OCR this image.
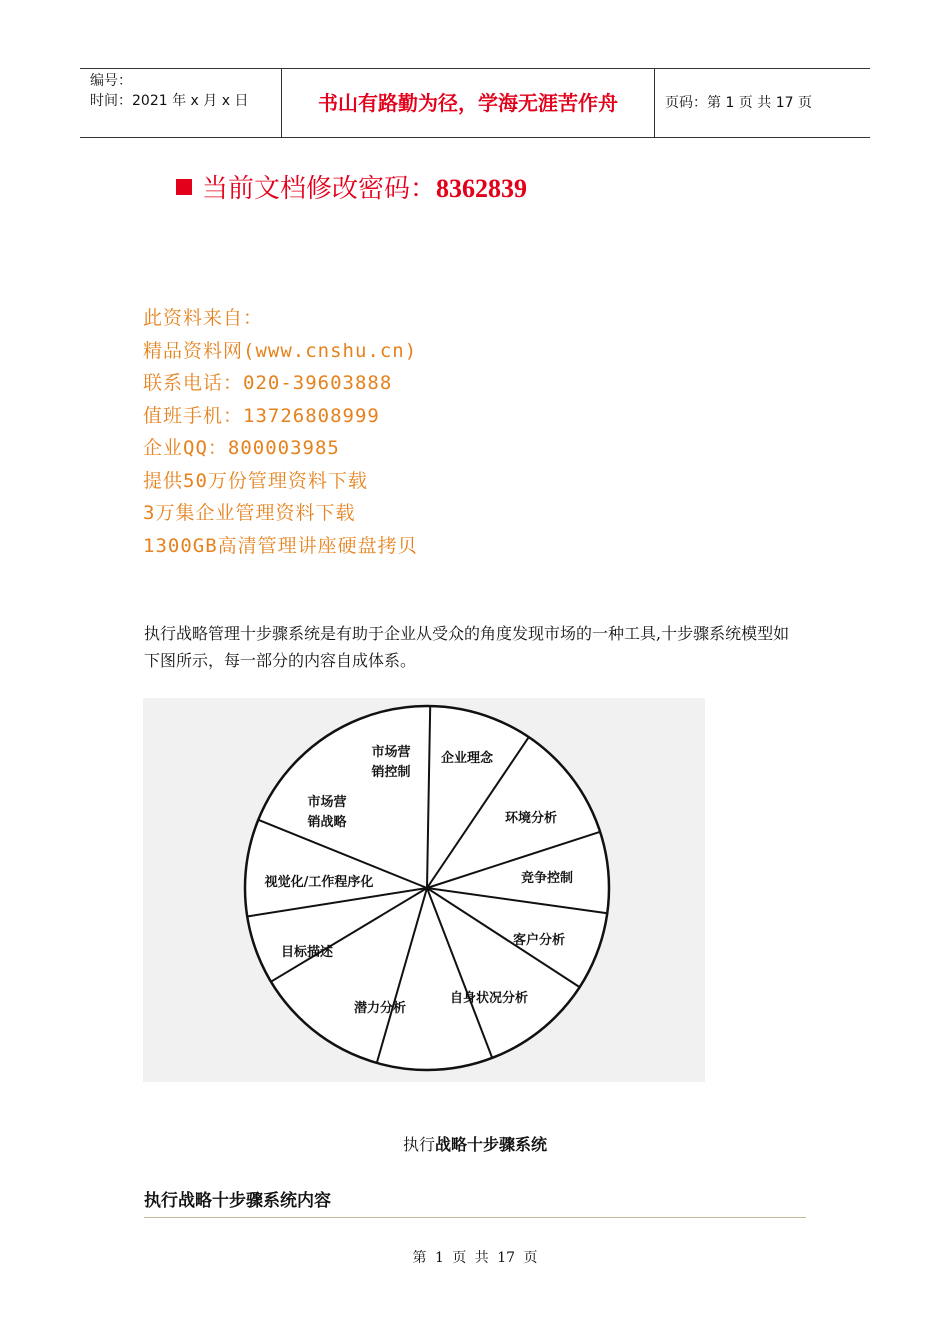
编号：
时间：2021 年 x 月 x 日	书山有路勤为径，学海无涯苦作舟	页码：第 1 页 共 17 页
当前文档修改密码：8362839
此资料来自：
精品资料网(www.cnshu.cn)
联系电话：020-39603888
值班手机：13726808999
企业QQ：800003985
提供50万份管理资料下载
3万集企业管理资料下载
1300GB高清管理讲座硬盘拷贝
执行战略管理十步骤系统是有助于企业从受众的角度发现市场的一种工具,十步骤系统模型如下图所示，每一部分的内容自成体系。
企业理念
环境分析
竞争控制
客户分析
自身状况分析
潜力分析
目标描述
视觉化/工作程序化
市场营销战略
市场营销控制
执行战略十步骤系统
执行战略十步骤系统内容
第 1 页 共 17 页
